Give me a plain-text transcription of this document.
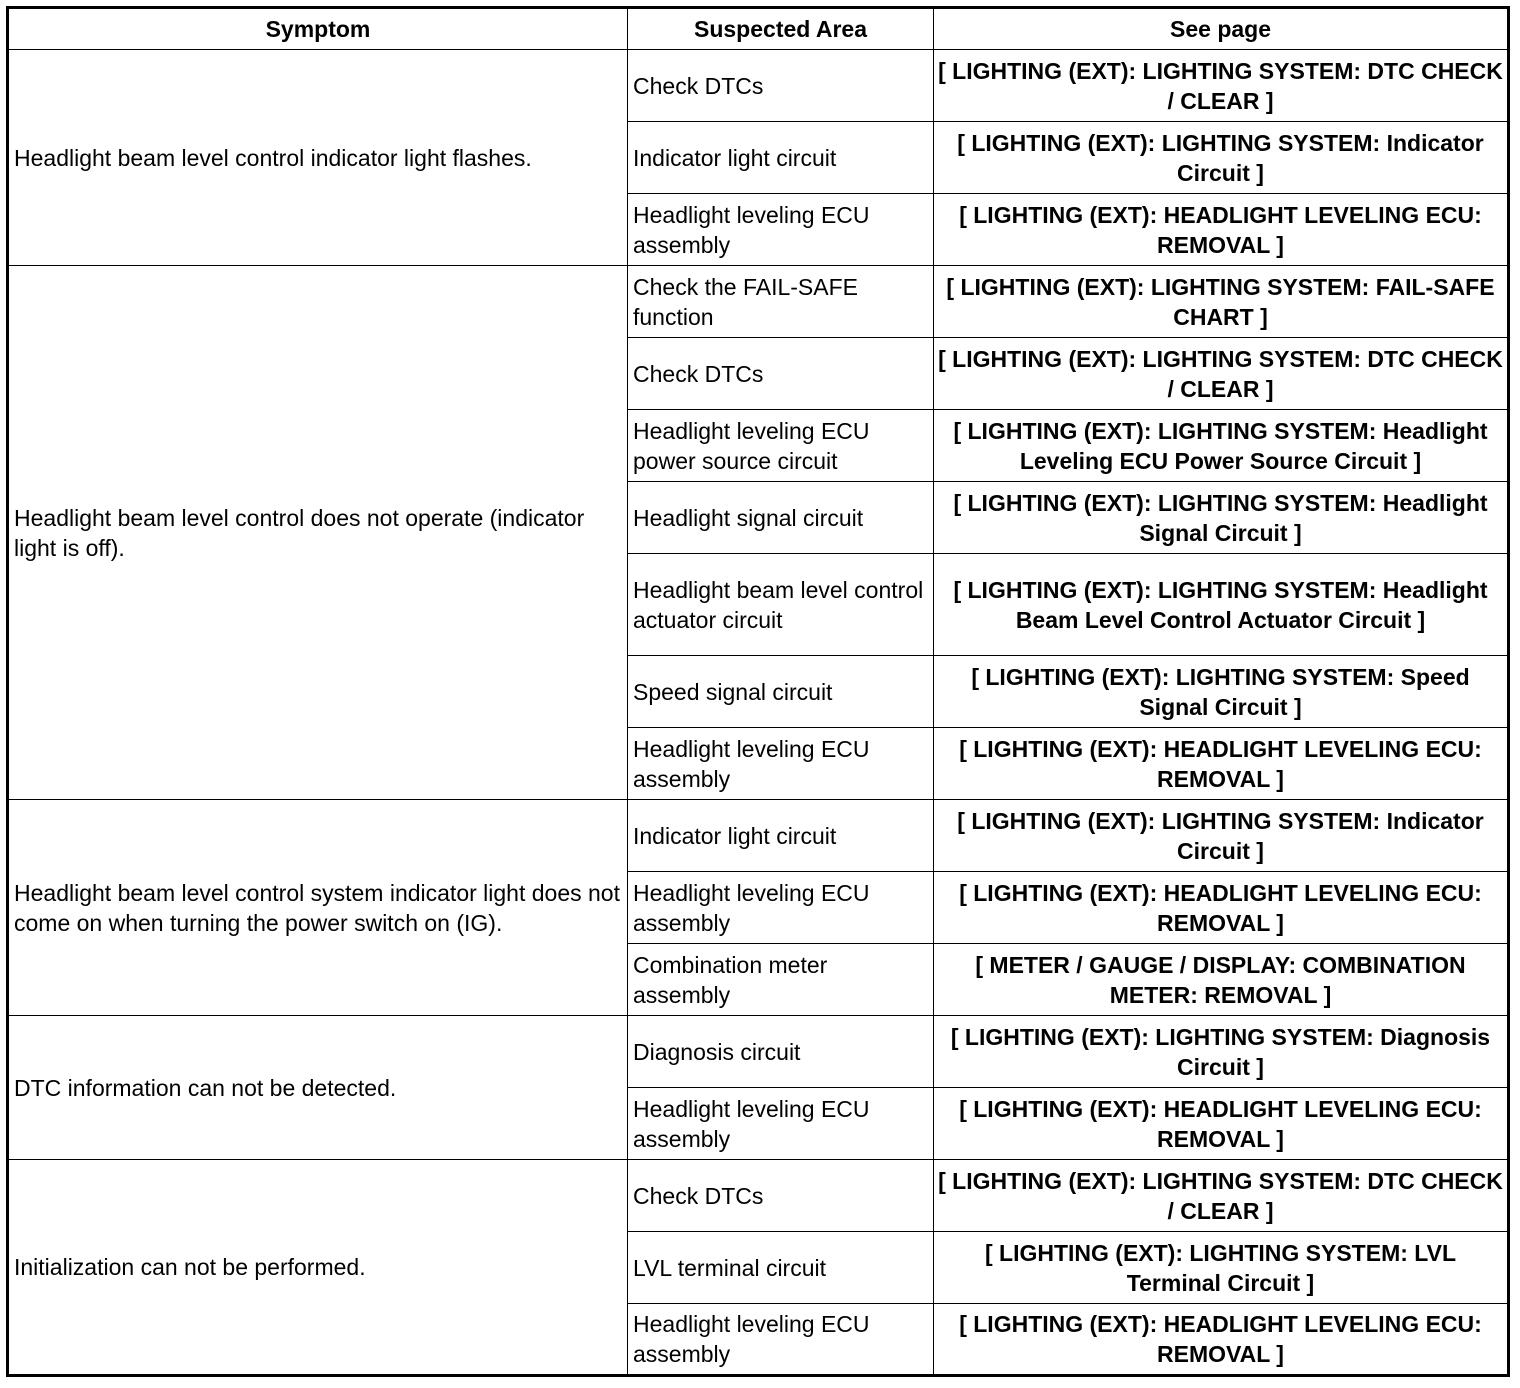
Symptom	Suspected Area	See page
Headlight beam level control indicator light flashes.	Check DTCs	[ LIGHTING (EXT): LIGHTING SYSTEM: DTC CHECK / CLEAR ]
	Indicator light circuit	[ LIGHTING (EXT): LIGHTING SYSTEM: Indicator Circuit ]
	Headlight leveling ECU assembly	[ LIGHTING (EXT): HEADLIGHT LEVELING ECU: REMOVAL ]
Headlight beam level control does not operate (indicator light is off).	Check the FAIL-SAFE function	[ LIGHTING (EXT): LIGHTING SYSTEM: FAIL-SAFE CHART ]
	Check DTCs	[ LIGHTING (EXT): LIGHTING SYSTEM: DTC CHECK / CLEAR ]
	Headlight leveling ECU power source circuit	[ LIGHTING (EXT): LIGHTING SYSTEM: Headlight Leveling ECU Power Source Circuit ]
	Headlight signal circuit	[ LIGHTING (EXT): LIGHTING SYSTEM: Headlight Signal Circuit ]
	Headlight beam level control actuator circuit	[ LIGHTING (EXT): LIGHTING SYSTEM: Headlight Beam Level Control Actuator Circuit ]
	Speed signal circuit	[ LIGHTING (EXT): LIGHTING SYSTEM: Speed Signal Circuit ]
	Headlight leveling ECU assembly	[ LIGHTING (EXT): HEADLIGHT LEVELING ECU: REMOVAL ]
Headlight beam level control system indicator light does not come on when turning the power switch on (IG).	Indicator light circuit	[ LIGHTING (EXT): LIGHTING SYSTEM: Indicator Circuit ]
	Headlight leveling ECU assembly	[ LIGHTING (EXT): HEADLIGHT LEVELING ECU: REMOVAL ]
	Combination meter assembly	[ METER / GAUGE / DISPLAY: COMBINATION METER: REMOVAL ]
DTC information can not be detected.	Diagnosis circuit	[ LIGHTING (EXT): LIGHTING SYSTEM: Diagnosis Circuit ]
	Headlight leveling ECU assembly	[ LIGHTING (EXT): HEADLIGHT LEVELING ECU: REMOVAL ]
Initialization can not be performed.	Check DTCs	[ LIGHTING (EXT): LIGHTING SYSTEM: DTC CHECK / CLEAR ]
	LVL terminal circuit	[ LIGHTING (EXT): LIGHTING SYSTEM: LVL Terminal Circuit ]
	Headlight leveling ECU assembly	[ LIGHTING (EXT): HEADLIGHT LEVELING ECU: REMOVAL ]
